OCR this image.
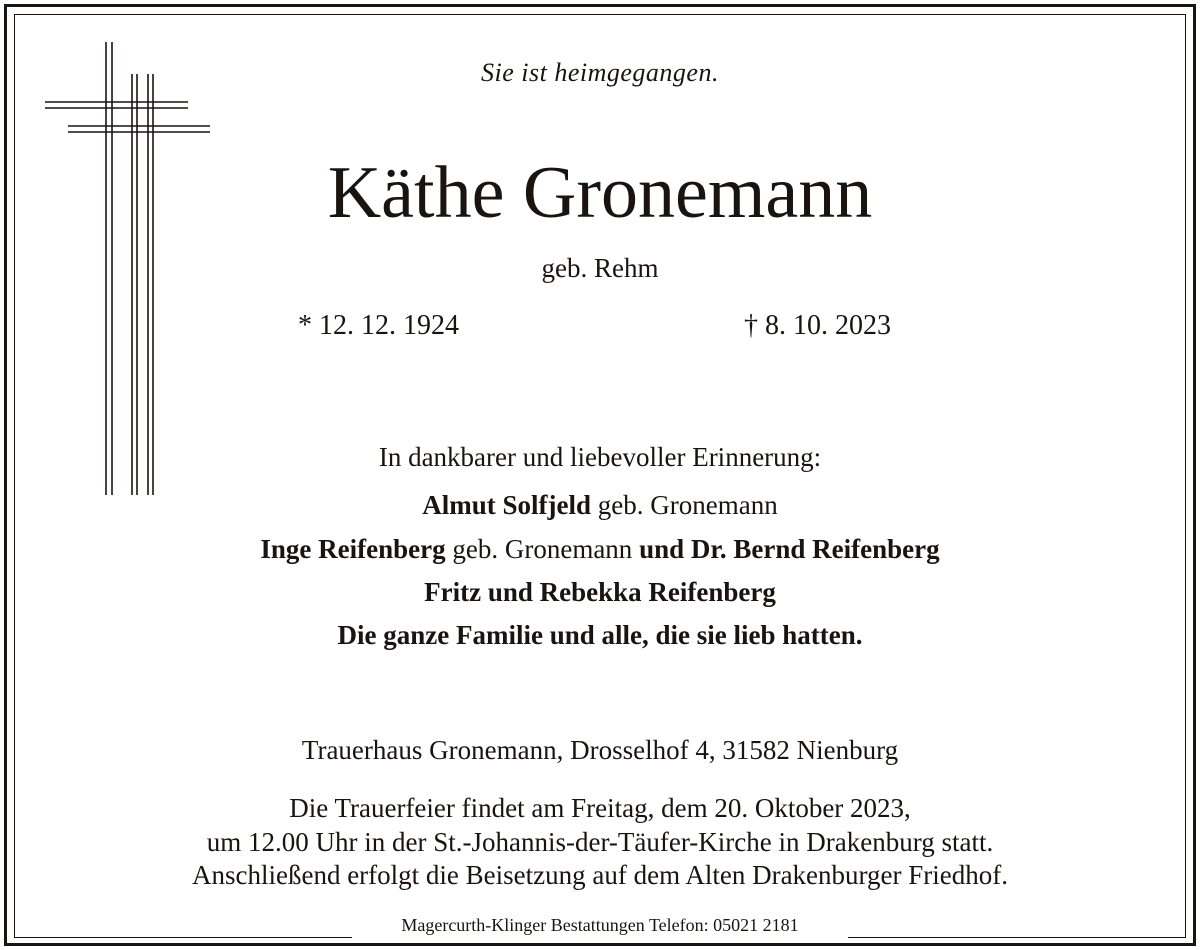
Sie ist heimgegangen.
Käthe Gronemann
geb. Rehm
* 12. 12. 1924	† 8. 10. 2023
In dankbarer und liebevoller Erinnerung:
Almut Solfjeld geb. Gronemann
Inge Reifenberg geb. Gronemann und Dr. Bernd Reifenberg
Fritz und Rebekka Reifenberg
Die ganze Familie und alle, die sie lieb hatten.
Trauerhaus Gronemann, Drosselhof 4, 31582 Nienburg
Die Trauerfeier findet am Freitag, dem 20. Oktober 2023,
um 12.00 Uhr in der St.-Johannis-der-Täufer-Kirche in Drakenburg statt.
Anschließend erfolgt die Beisetzung auf dem Alten Drakenburger Friedhof.
Magercurth-Klinger Bestattungen Telefon: 05021 2181
